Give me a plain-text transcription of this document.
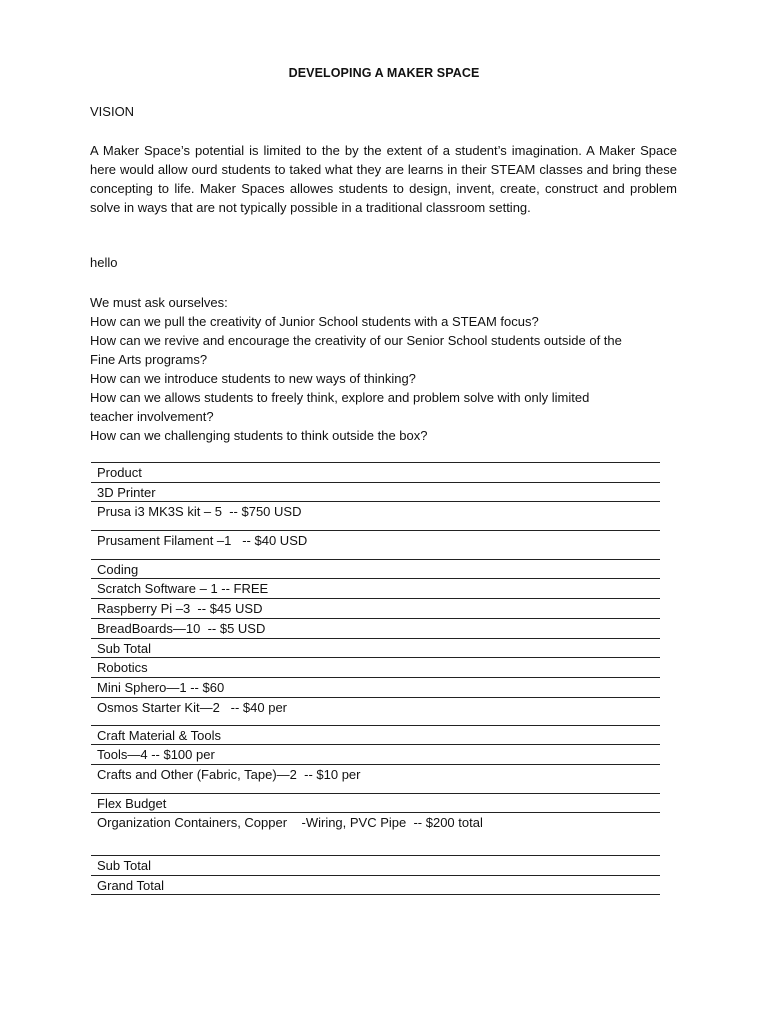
DEVELOPING A MAKER SPACE
VISION

A Maker Space’s potential is limited to the by the extent of a student’s imagination. A Maker Space here would allow ourd students to taked what they are learns in their STEAM classes and bring these concepting to life. Maker Spaces allowes students to design, invent, create, construct and problem solve in ways that are not typically possible in a traditional classroom setting.

hello
We must ask ourselves:
How can we pull the creativity of Junior School students with a STEAM focus?
How can we revive and encourage the creativity of our Senior School students outside of the
Fine Arts programs?
How can we introduce students to new ways of thinking?
How can we allows students to freely think, explore and problem solve with only limited
teacher involvement?
How can we challenging students to think outside the box?
Product
3D Printer
Prusa i3 MK3S kit – 5  -- $750 USD
Prusament Filament –1   -- $40 USD
Coding
Scratch Software – 1 -- FREE
Raspberry Pi –3  -- $45 USD
BreadBoards—10  -- $5 USD
Sub Total
Robotics
Mini Sphero—1 -- $60
Osmos Starter Kit—2   -- $40 per
Craft Material & Tools
Tools—4 -- $100 per
Crafts and Other (Fabric, Tape)—2  -- $10 per
Flex Budget
Organization Containers, Copper    -Wiring, PVC Pipe  -- $200 total
Sub Total
Grand Total
